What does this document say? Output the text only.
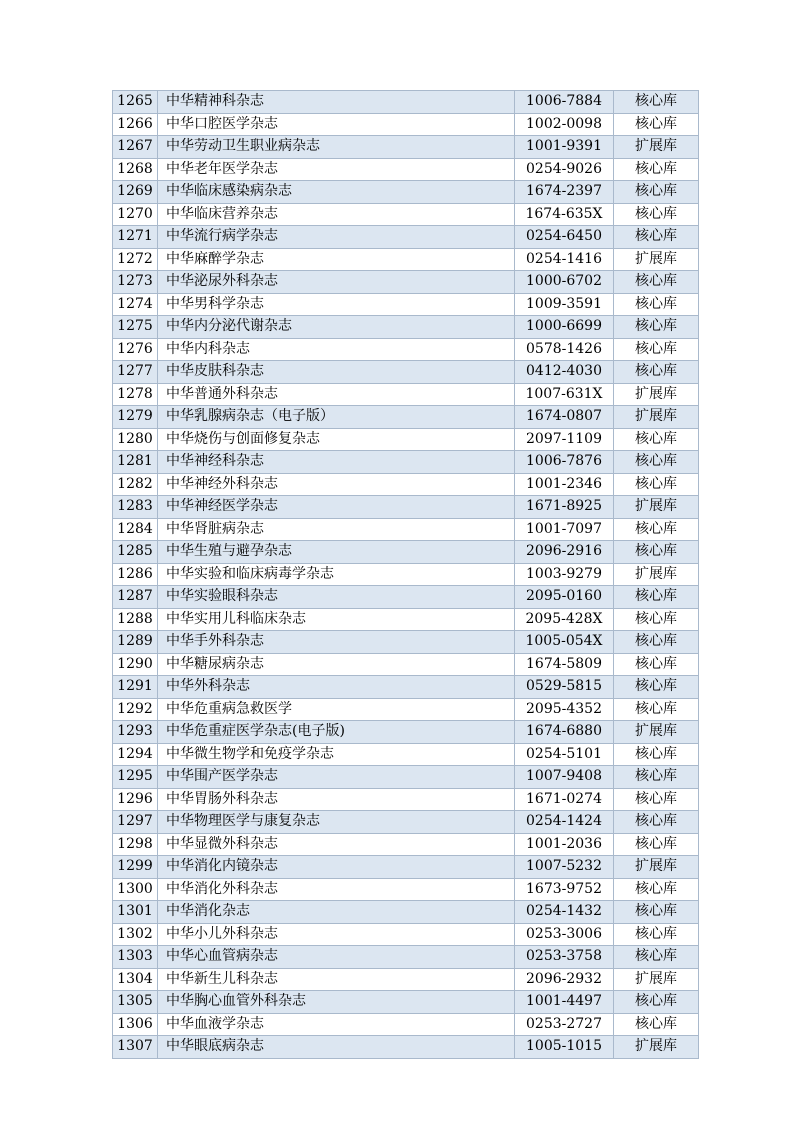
1265	中华精神科杂志	1006-7884	核心库
1266	中华口腔医学杂志	1002-0098	核心库
1267	中华劳动卫生职业病杂志	1001-9391	扩展库
1268	中华老年医学杂志	0254-9026	核心库
1269	中华临床感染病杂志	1674-2397	核心库
1270	中华临床营养杂志	1674-635X	核心库
1271	中华流行病学杂志	0254-6450	核心库
1272	中华麻醉学杂志	0254-1416	扩展库
1273	中华泌尿外科杂志	1000-6702	核心库
1274	中华男科学杂志	1009-3591	核心库
1275	中华内分泌代谢杂志	1000-6699	核心库
1276	中华内科杂志	0578-1426	核心库
1277	中华皮肤科杂志	0412-4030	核心库
1278	中华普通外科杂志	1007-631X	扩展库
1279	中华乳腺病杂志（电子版）	1674-0807	扩展库
1280	中华烧伤与创面修复杂志	2097-1109	核心库
1281	中华神经科杂志	1006-7876	核心库
1282	中华神经外科杂志	1001-2346	核心库
1283	中华神经医学杂志	1671-8925	扩展库
1284	中华肾脏病杂志	1001-7097	核心库
1285	中华生殖与避孕杂志	2096-2916	核心库
1286	中华实验和临床病毒学杂志	1003-9279	扩展库
1287	中华实验眼科杂志	2095-0160	核心库
1288	中华实用儿科临床杂志	2095-428X	核心库
1289	中华手外科杂志	1005-054X	核心库
1290	中华糖尿病杂志	1674-5809	核心库
1291	中华外科杂志	0529-5815	核心库
1292	中华危重病急救医学	2095-4352	核心库
1293	中华危重症医学杂志(电子版)	1674-6880	扩展库
1294	中华微生物学和免疫学杂志	0254-5101	核心库
1295	中华围产医学杂志	1007-9408	核心库
1296	中华胃肠外科杂志	1671-0274	核心库
1297	中华物理医学与康复杂志	0254-1424	核心库
1298	中华显微外科杂志	1001-2036	核心库
1299	中华消化内镜杂志	1007-5232	扩展库
1300	中华消化外科杂志	1673-9752	核心库
1301	中华消化杂志	0254-1432	核心库
1302	中华小儿外科杂志	0253-3006	核心库
1303	中华心血管病杂志	0253-3758	核心库
1304	中华新生儿科杂志	2096-2932	扩展库
1305	中华胸心血管外科杂志	1001-4497	核心库
1306	中华血液学杂志	0253-2727	核心库
1307	中华眼底病杂志	1005-1015	扩展库
